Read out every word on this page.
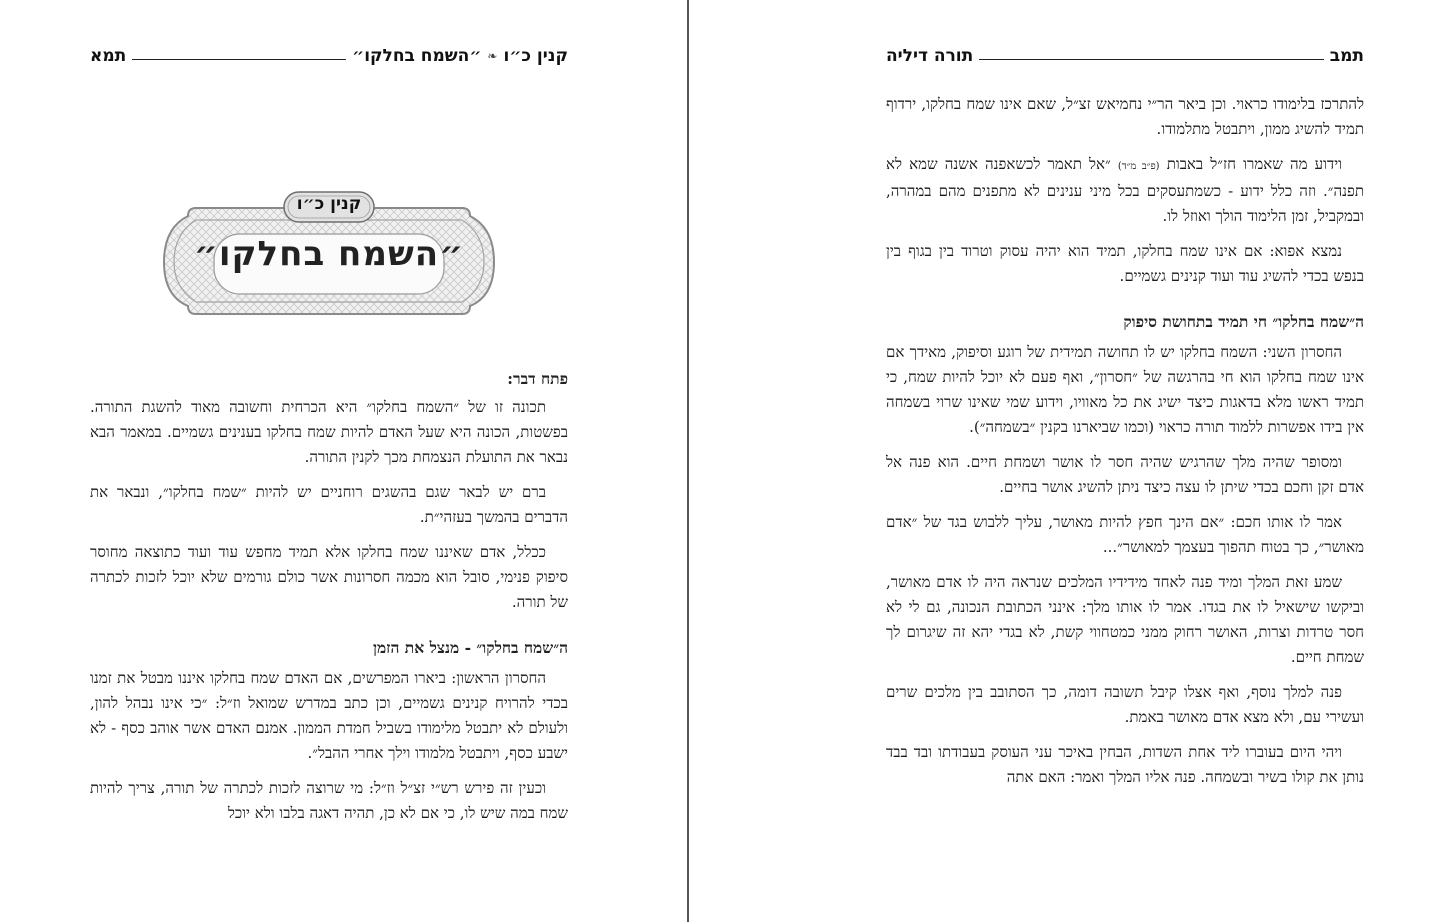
קנין כ״ו
❧
״השמח בחלקו״
תמא
קנין כ״ו
״השמח בחלקו״
פתח דבר:

תכונה זו של ״השמח בחלקו״ היא הכרחית וחשובה מאוד להשגת התורה. בפשטות, הכונה היא שעל האדם להיות שמח בחלקו בענינים גשמיים. במאמר הבא נבאר את התועלת הנצמחת מכך לקנין התורה.

ברם יש לבאר שגם בהשגים רוחניים יש להיות ״שמח בחלקו״, ונבאר את הדברים בהמשך בעזהי״ת.

ככלל, אדם שאיננו שמח בחלקו אלא תמיד מחפש עוד ועוד כתוצאה מחוסר סיפוק פנימי, סובל הוא מכמה חסרונות אשר כולם גורמים שלא יוכל לזכות לכתרה של תורה.

ה״שמח בחלקו״ - מנצל את הזמן

החסרון הראשון: ביארו המפרשים, אם האדם שמח בחלקו איננו מבטל את זמנו בכדי להרויח קנינים גשמיים, וכן כתב במדרש שמואל וז״ל: ״כי אינו נבהל להון, ולעולם לא יתבטל מלימודו בשביל חמדת הממון. אמנם האדם אשר אוהב כסף - לא ישבע כסף, ויתבטל מלמודו וילך אחרי ההבל״.

וכעין זה פירש רש״י זצ״ל וז״ל: מי שרוצה לזכות לכתרה של תורה, צריך להיות שמח במה שיש לו, כי אם לא כן, תהיה דאגה בלבו ולא יוכל

תמב
תורה דיליה

להתרכז בלימודו כראוי. וכן ביאר הר״י נחמיאש זצ״ל, שאם אינו שמח בחלקו, ירדוף תמיד להשיג ממון, ויתבטל מתלמודו.

וידוע מה שאמרו חז״ל באבות (פ״ב מ״ד) ״אל תאמר לכשאפנה אשנה שמא לא תפנה״. וזה כלל ידוע - כשמתעסקים בכל מיני ענינים לא מתפנים מהם במהרה, ובמקביל, זמן הלימוד הולך ואוזל לו.

נמצא אפוא: אם אינו שמח בחלקו, תמיד הוא יהיה עסוק וטרוד בין בגוף בין בנפש בכדי להשיג עוד ועוד קנינים גשמיים.

ה״שמח בחלקו״ חי תמיד בתחושת סיפוק

החסרון השני: השמח בחלקו יש לו תחושה תמידית של רוגע וסיפוק, מאידך אם אינו שמח בחלקו הוא חי בהרגשה של ״חסרון״, ואף פעם לא יוכל להיות שמח, כי תמיד ראשו מלא בדאגות כיצד ישיג את כל מאוויו, וידוע שמי שאינו שרוי בשמחה אין בידו אפשרות ללמוד תורה כראוי (וכמו שביארנו בקנין ״בשמחה״).

ומסופר שהיה מלך שהרגיש שהיה חסר לו אושר ושמחת חיים. הוא פנה אל אדם זקן וחכם בכדי שיתן לו עצה כיצד ניתן להשיג אושר בחיים.

אמר לו אותו חכם: ״אם הינך חפץ להיות מאושר, עליך ללבוש בגד של ״אדם מאושר״, כך בטוח תהפוך בעצמך למאושר״...

שמע זאת המלך ומיד פנה לאחד מידידיו המלכים שנראה היה לו אדם מאושר, וביקשו שישאיל לו את בגדו. אמר לו אותו מלך: אינני הכתובת הנכונה, גם לי לא חסר טרדות וצרות, האושר רחוק ממני כמטחווי קשת, לא בגדי יהא זה שיגרום לך שמחת חיים.

פנה למלך נוסף, ואף אצלו קיבל תשובה דומה, כך הסתובב בין מלכים שרים ועשירי עם, ולא מצא אדם מאושר באמת.

ויהי היום בעוברו ליד אחת השדות, הבחין באיכר עני העוסק בעבודתו ובד בבד נותן את קולו בשיר ובשמחה. פנה אליו המלך ואמר: האם אתה
